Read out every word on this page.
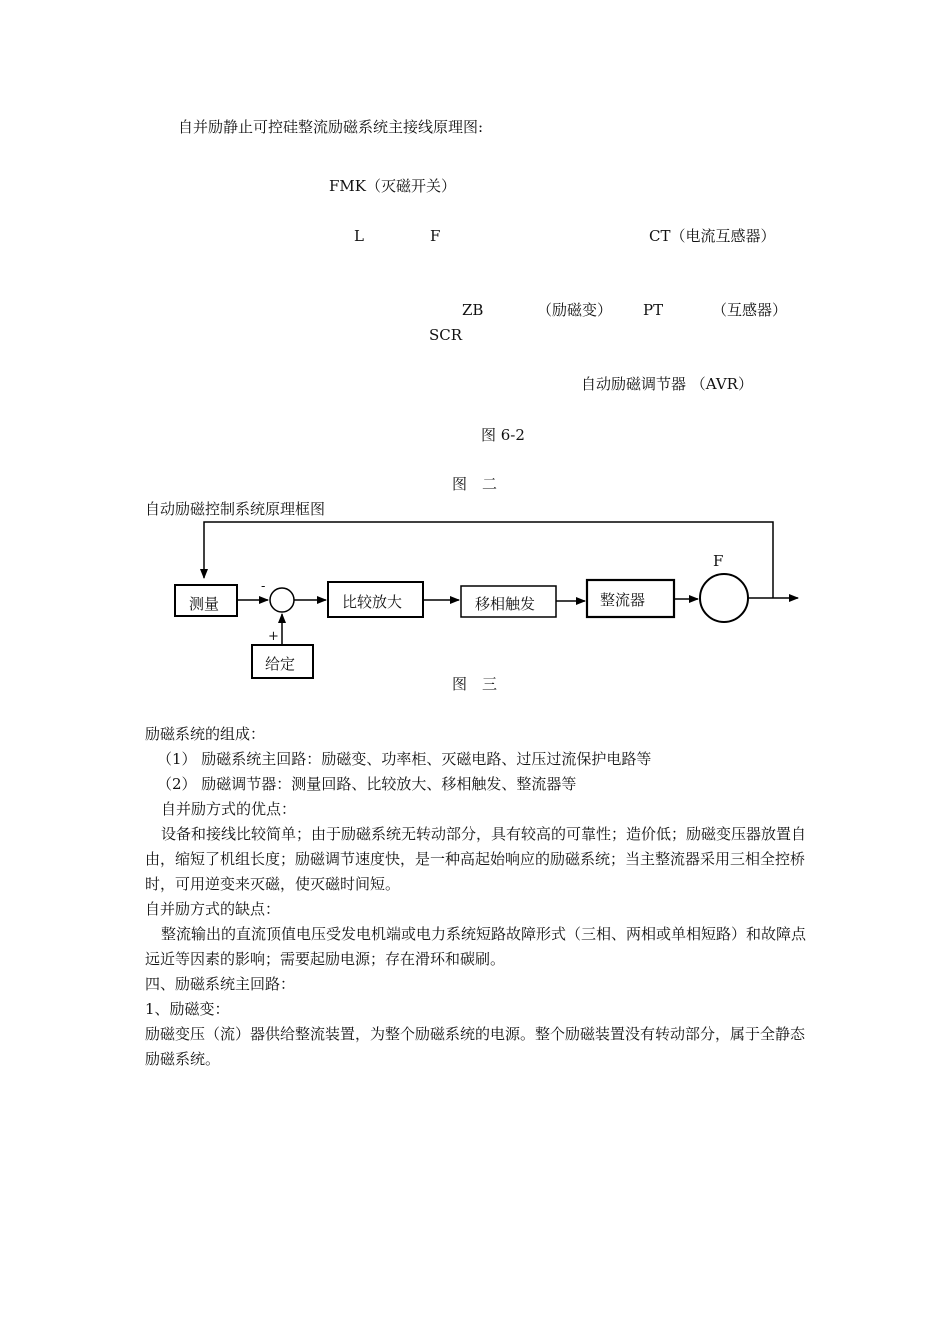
自并励静止可控硅整流励磁系统主接线原理图:
FMK（灭磁开关）
L	F	CT（电流互感器）
ZB	（励磁变） PT	（互感器）
SCR
自动励磁调节器 （AVR）
图 6-2
图　二
自动励磁控制系统原理框图
测量	比较放大	移相触发	整流器
给定
F
-
+
图　三

励磁系统的组成：

（1） 励磁系统主回路：励磁变、功率柜、灭磁电路、过压过流保护电路等

（2） 励磁调节器：测量回路、比较放大、移相触发、整流器等

自并励方式的优点：

设备和接线比较简单；由于励磁系统无转动部分，具有较高的可靠性；造价低；励磁变压器放置自由，缩短了机组长度；励磁调节速度快，是一种高起始响应的励磁系统；当主整流器采用三相全控桥时，可用逆变来灭磁，使灭磁时间短。

自并励方式的缺点：

整流输出的直流顶值电压受发电机端或电力系统短路故障形式（三相、两相或单相短路）和故障点远近等因素的影响；需要起励电源；存在滑环和碳刷。

四、励磁系统主回路：

1、励磁变：

励磁变压（流）器供给整流装置，为整个励磁系统的电源。整个励磁装置没有转动部分，属于全静态励磁系统。
